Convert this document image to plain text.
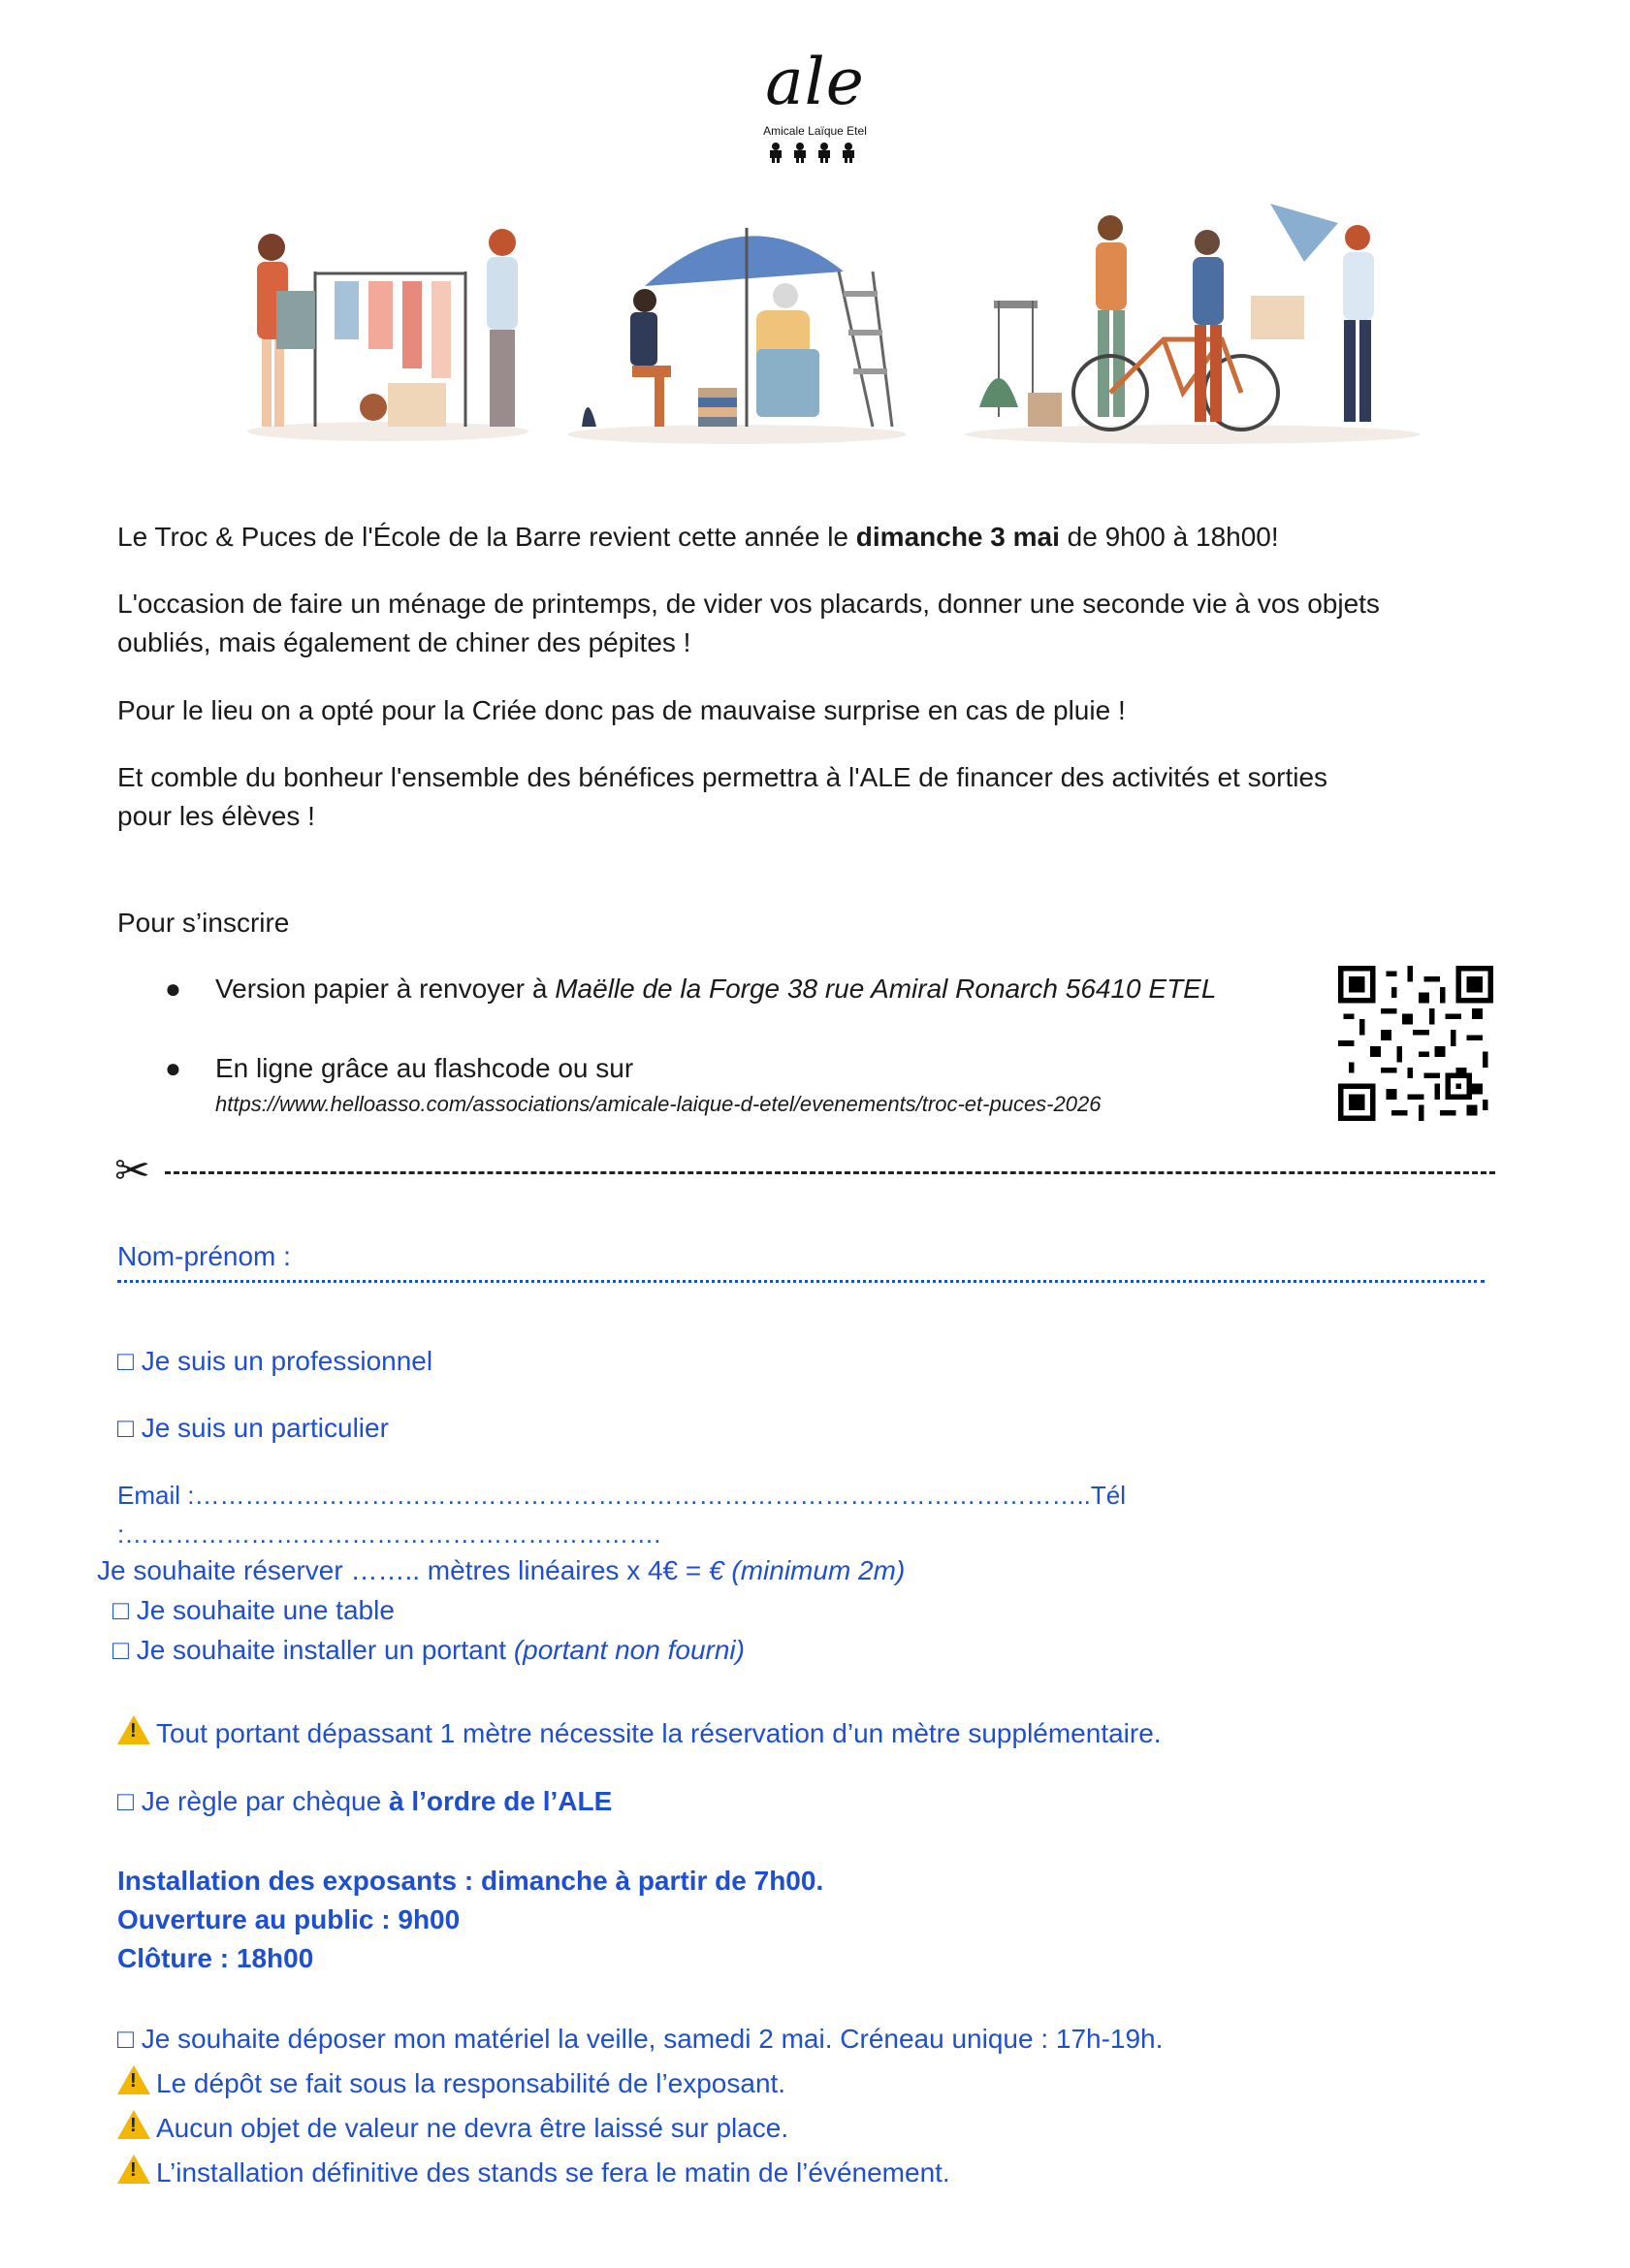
ale
Amicale Laïque Etel
Le Troc & Puces de l'École de la Barre revient cette année le dimanche 3 mai de 9h00 à 18h00!
L'occasion de faire un ménage de printemps, de vider vos placards, donner une seconde vie à vos objets
oubliés, mais également de chiner des pépites !
Pour le lieu on a opté pour la Criée donc pas de mauvaise surprise en cas de pluie !
Et comble du bonheur l'ensemble des bénéfices permettra à l'ALE de financer des activités et sorties
pour les élèves !
Pour s’inscrire
● Version papier à renvoyer à Maëlle de la Forge 38 rue Amiral Ronarch 56410 ETEL
● En ligne grâce au flashcode ou sur
https://www.helloasso.com/associations/amicale-laique-d-etel/evenements/troc-et-puces-2026
✂
Nom-prénom :
□ Je suis un professionnel
□ Je suis un particulier
Email :……………………………………………………………………………………………..Tél :……………………………………………………….
Je souhaite réserver …….. mètres linéaires x 4€ = € (minimum 2m)
□ Je souhaite une table
□ Je souhaite installer un portant (portant non fourni)
!Tout portant dépassant 1 mètre nécessite la réservation d’un mètre supplémentaire.
□ Je règle par chèque à l’ordre de l’ALE
Installation des exposants : dimanche à partir de 7h00.
Ouverture au public : 9h00
Clôture : 18h00
□ Je souhaite déposer mon matériel la veille, samedi 2 mai. Créneau unique : 17h-19h.
!Le dépôt se fait sous la responsabilité de l’exposant.
!Aucun objet de valeur ne devra être laissé sur place.
!L’installation définitive des stands se fera le matin de l’événement.
